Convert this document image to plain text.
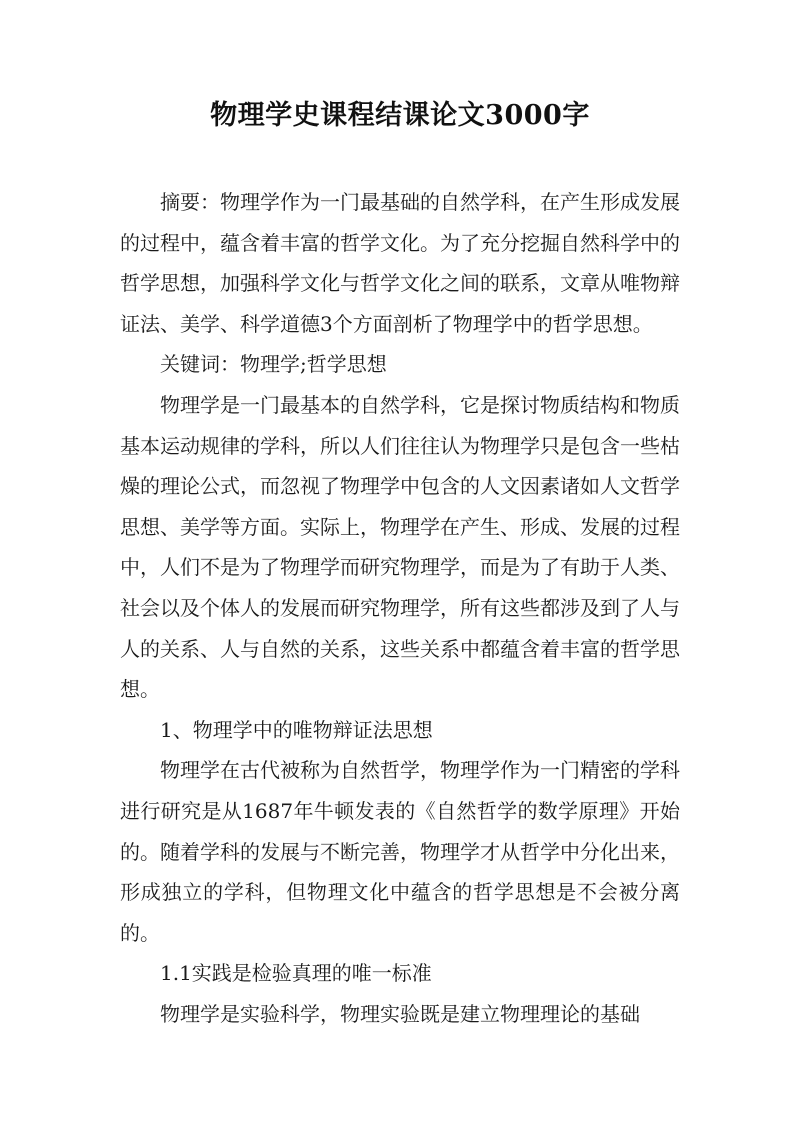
物理学史课程结课论文3000字

摘要：物理学作为一门最基础的自然学科，在产生形成发展的过程中，蕴含着丰富的哲学文化。为了充分挖掘自然科学中的哲学思想，加强科学文化与哲学文化之间的联系，文章从唯物辩证法、美学、科学道德3个方面剖析了物理学中的哲学思想。

关键词：物理学;哲学思想

物理学是一门最基本的自然学科，它是探讨物质结构和物质基本运动规律的学科，所以人们往往认为物理学只是包含一些枯燥的理论公式，而忽视了物理学中包含的人文因素诸如人文哲学思想、美学等方面。实际上，物理学在产生、形成、发展的过程中，人们不是为了物理学而研究物理学，而是为了有助于人类、社会以及个体人的发展而研究物理学，所有这些都涉及到了人与人的关系、人与自然的关系，这些关系中都蕴含着丰富的哲学思想。

1、物理学中的唯物辩证法思想

物理学在古代被称为自然哲学，物理学作为一门精密的学科进行研究是从1687年牛顿发表的《自然哲学的数学原理》开始的。随着学科的发展与不断完善，物理学才从哲学中分化出来，形成独立的学科，但物理文化中蕴含的哲学思想是不会被分离的。

1.1实践是检验真理的唯一标准

物理学是实验科学，物理实验既是建立物理理论的基础
